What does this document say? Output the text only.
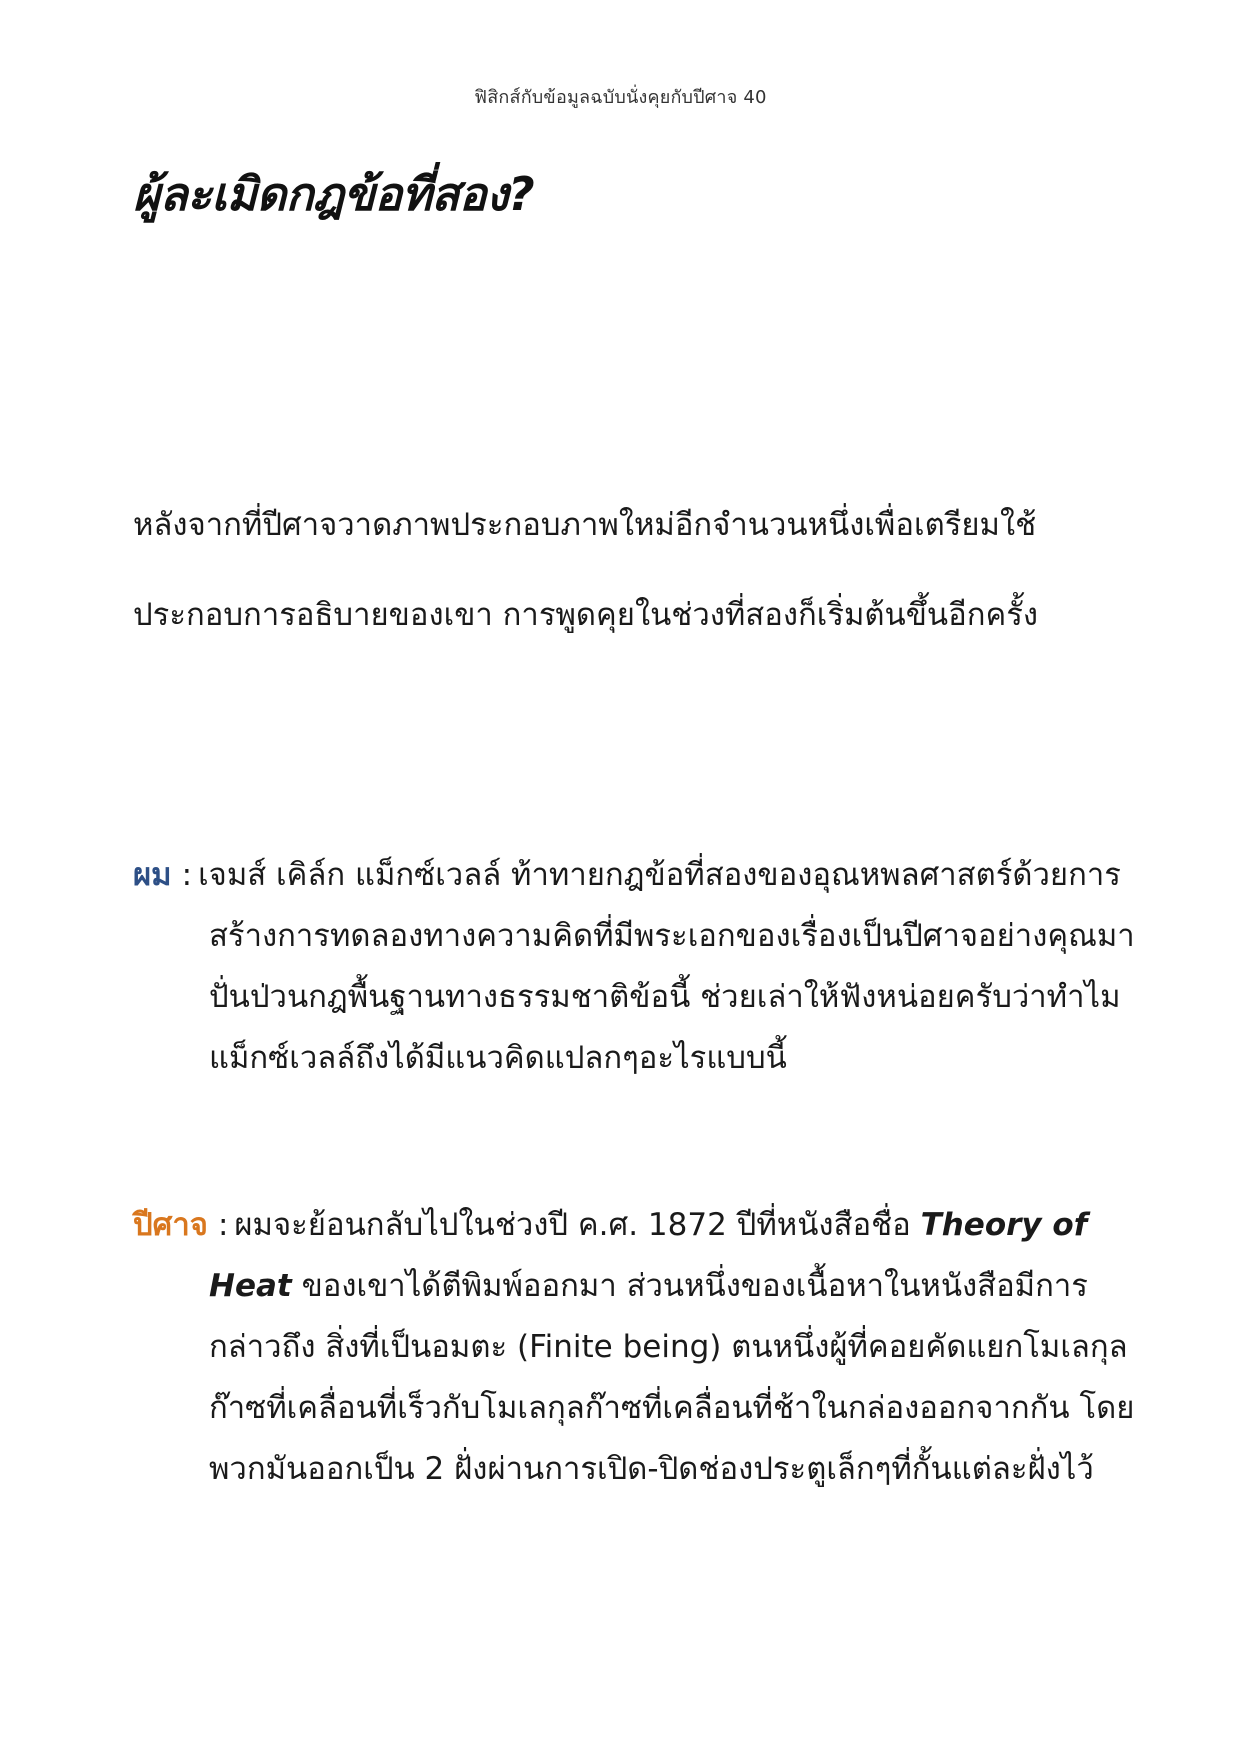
ฟิสิกส์กับข้อมูลฉบับนั่งคุยกับปีศาจ 40
ผู้ละเมิดกฎข้อที่สอง?

หลังจากที่ปีศาจวาดภาพประกอบภาพใหม่อีกจำนวนหนึ่งเพื่อเตรียมใช้ประกอบการอธิบายของเขา การพูดคุยในช่วงที่สองก็เริ่มต้นขึ้นอีกครั้ง

ผม : เจมส์ เคิล์ก แม็กซ์เวลล์ ท้าทายกฎข้อที่สองของอุณหพลศาสตร์ด้วยการสร้างการทดลองทางความคิดที่มีพระเอกของเรื่องเป็นปีศาจอย่างคุณมาปั่นป่วนกฎพื้นฐานทางธรรมชาติข้อนี้ ช่วยเล่าให้ฟังหน่อยครับว่าทำไมแม็กซ์เวลล์ถึงได้มีแนวคิดแปลกๆอะไรแบบนี้

ปีศาจ : ผมจะย้อนกลับไปในช่วงปี ค.ศ. 1872 ปีที่หนังสือชื่อ Theory of Heat ของเขาได้ตีพิมพ์ออกมา ส่วนหนึ่งของเนื้อหาในหนังสือมีการกล่าวถึง สิ่งที่เป็นอมตะ (Finite being) ตนหนึ่งผู้ที่คอยคัดแยกโมเลกุลก๊าซที่เคลื่อนที่เร็วกับโมเลกุลก๊าซที่เคลื่อนที่ช้าในกล่องออกจากกัน โดยพวกมันออกเป็น 2 ฝั่งผ่านการเปิด-ปิดช่องประตูเล็กๆที่กั้นแต่ละฝั่งไว้
